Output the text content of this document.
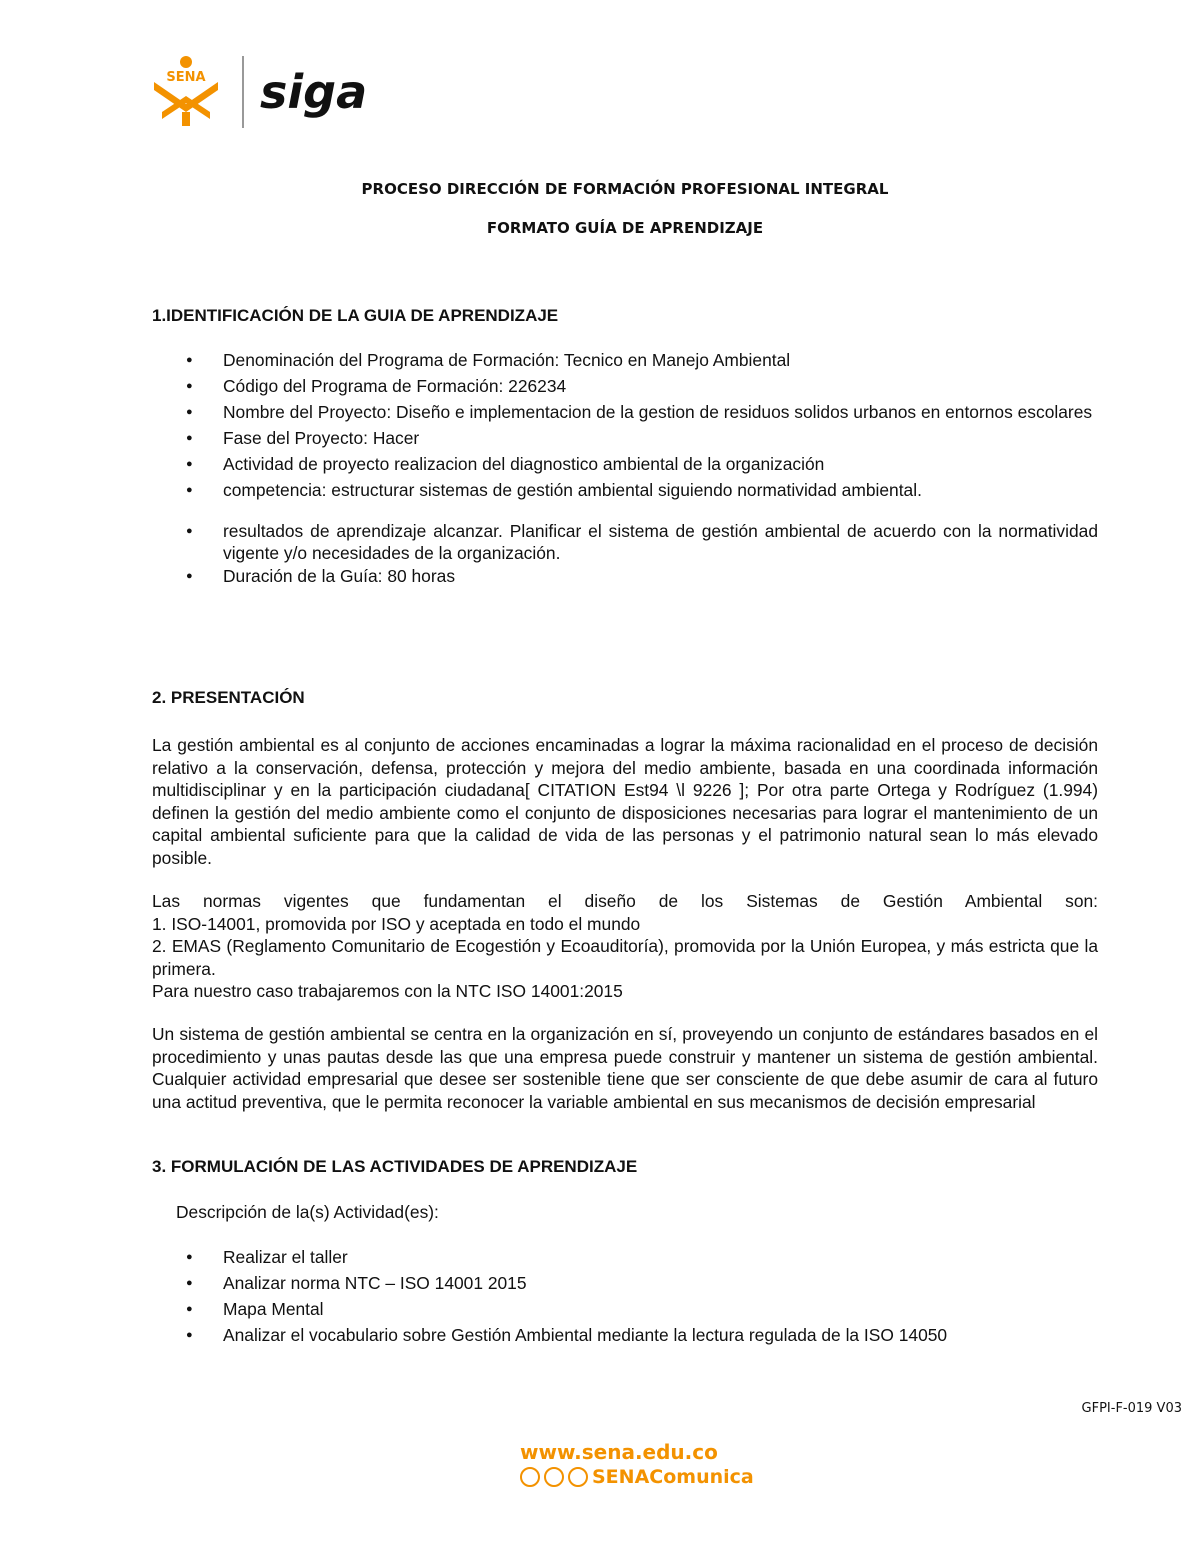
SENA siga
PROCESO DIRECCIÓN DE FORMACIÓN PROFESIONAL INTEGRAL
FORMATO GUÍA DE APRENDIZAJE
1.IDENTIFICACIÓN DE LA GUIA DE APRENDIZAJE
● Denominación del Programa de Formación: Tecnico en Manejo Ambiental
● Código del Programa de Formación: 226234
● Nombre del Proyecto: Diseño e implementacion de la gestion de residuos solidos urbanos en entornos escolares
● Fase del Proyecto: Hacer
● Actividad de proyecto realizacion del diagnostico ambiental de la organización
● competencia: estructurar sistemas de gestión ambiental siguiendo normatividad ambiental.
● resultados de aprendizaje alcanzar. Planificar el sistema de gestión ambiental de acuerdo con la normatividad vigente y/o necesidades de la organización.
● Duración de la Guía: 80 horas
2. PRESENTACIÓN

La gestión ambiental es al conjunto de acciones encaminadas a lograr la máxima racionalidad en el proceso de decisión relativo a la conservación, defensa, protección y mejora del medio ambiente, basada en una coordinada información multidisciplinar y en la participación ciudadana[ CITATION Est94 \l 9226 ]; Por otra parte Ortega y Rodríguez (1.994) definen la gestión del medio ambiente como el conjunto de disposiciones necesarias para lograr el mantenimiento de un capital ambiental suficiente para que la calidad de vida de las personas y el patrimonio natural sean lo más elevado posible.

Las normas vigentes que fundamentan el diseño de los Sistemas de Gestión Ambiental son:
1. ISO-14001, promovida por ISO y aceptada en todo el mundo
2. EMAS (Reglamento Comunitario de Ecogestión y Ecoauditoría), promovida por la Unión Europea, y más estricta que la primera.
Para nuestro caso trabajaremos con la NTC ISO 14001:2015

Un sistema de gestión ambiental se centra en la organización en sí, proveyendo un conjunto de estándares basados en el procedimiento y unas pautas desde las que una empresa puede construir y mantener un sistema de gestión ambiental. Cualquier actividad empresarial que desee ser sostenible tiene que ser consciente de que debe asumir de cara al futuro una actitud preventiva, que le permita reconocer la variable ambiental en sus mecanismos de decisión empresarial

3. FORMULACIÓN DE LAS ACTIVIDADES DE APRENDIZAJE
Descripción de la(s) Actividad(es):
● Realizar el taller
● Analizar norma NTC – ISO 14001 2015
● Mapa Mental
● Analizar el vocabulario sobre Gestión Ambiental mediante la lectura regulada de la ISO 14050
GFPI-F-019 V03
www.sena.edu.co
SENAComunica
